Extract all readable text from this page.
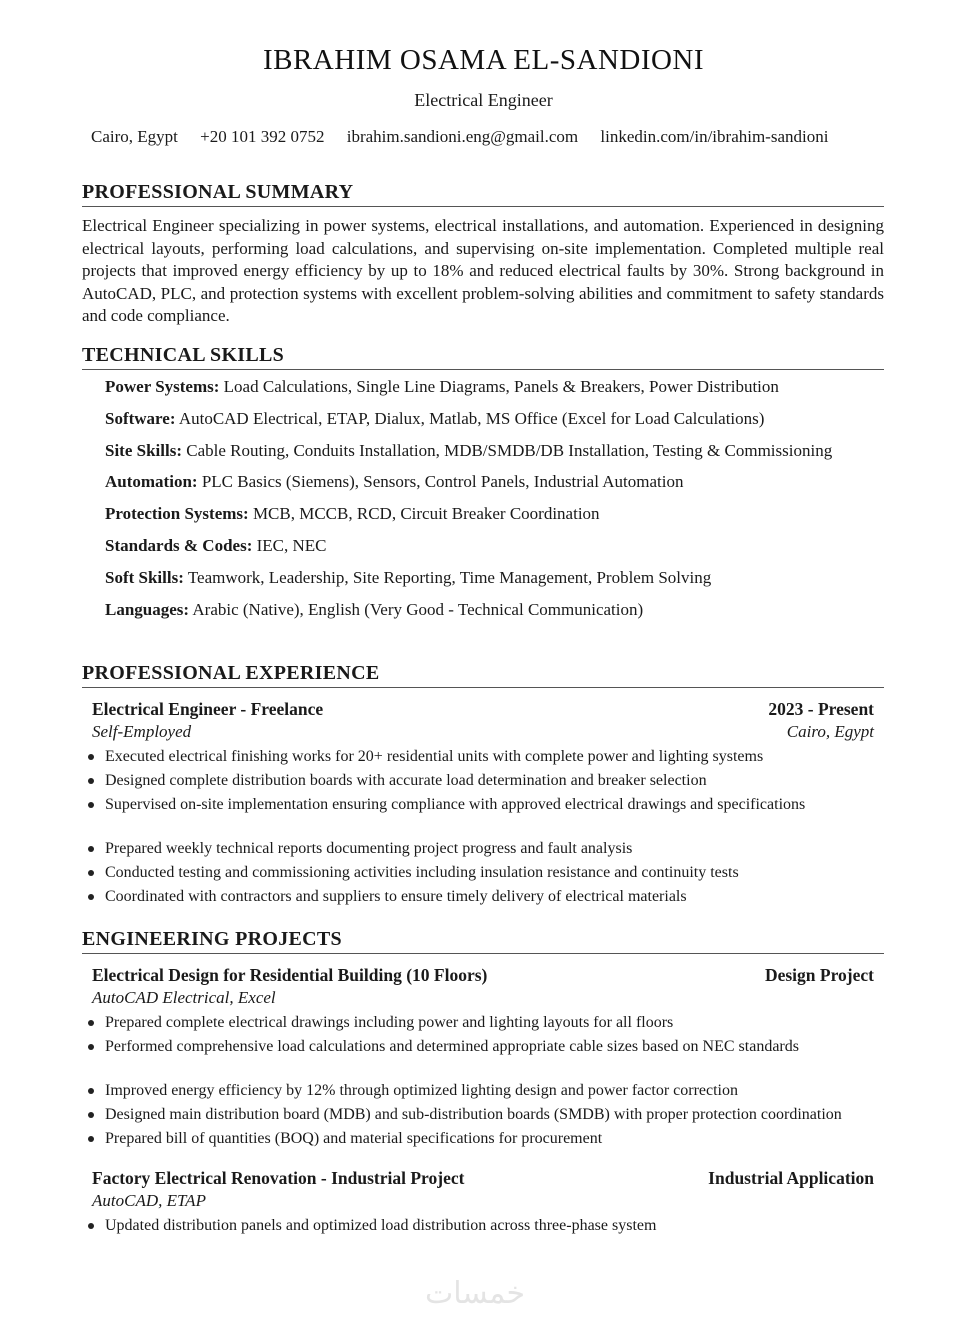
IBRAHIM OSAMA EL-SANDIONI
Electrical Engineer
Cairo, Egypt +20 101 392 0752 ibrahim.sandioni.eng@gmail.com linkedin.com/in/ibrahim-sandioni
PROFESSIONAL SUMMARY
Electrical Engineer specializing in power systems, electrical installations, and automation. Experienced in designing electrical layouts, performing load calculations, and supervising on-site implementation. Completed multiple real projects that improved energy efficiency by up to 18% and reduced electrical faults by 30%. Strong background in AutoCAD, PLC, and protection systems with excellent problem-solving abilities and commitment to safety standards and code compliance.
TECHNICAL SKILLS
Power Systems: Load Calculations, Single Line Diagrams, Panels & Breakers, Power Distribution
Software: AutoCAD Electrical, ETAP, Dialux, Matlab, MS Office (Excel for Load Calculations)
Site Skills: Cable Routing, Conduits Installation, MDB/SMDB/DB Installation, Testing & Commissioning
Automation: PLC Basics (Siemens), Sensors, Control Panels, Industrial Automation
Protection Systems: MCB, MCCB, RCD, Circuit Breaker Coordination
Standards & Codes: IEC, NEC
Soft Skills: Teamwork, Leadership, Site Reporting, Time Management, Problem Solving
Languages: Arabic (Native), English (Very Good - Technical Communication)
PROFESSIONAL EXPERIENCE
Electrical Engineer - Freelance	2023 - Present
Self-Employed	Cairo, Egypt
Executed electrical finishing works for 20+ residential units with complete power and lighting systems
Designed complete distribution boards with accurate load determination and breaker selection
Supervised on-site implementation ensuring compliance with approved electrical drawings and specifications
Prepared weekly technical reports documenting project progress and fault analysis
Conducted testing and commissioning activities including insulation resistance and continuity tests
Coordinated with contractors and suppliers to ensure timely delivery of electrical materials
ENGINEERING PROJECTS
Electrical Design for Residential Building (10 Floors)	Design Project
AutoCAD Electrical, Excel
Prepared complete electrical drawings including power and lighting layouts for all floors
Performed comprehensive load calculations and determined appropriate cable sizes based on NEC standards
Improved energy efficiency by 12% through optimized lighting design and power factor correction
Designed main distribution board (MDB) and sub-distribution boards (SMDB) with proper protection coordination
Prepared bill of quantities (BOQ) and material specifications for procurement
Factory Electrical Renovation - Industrial Project	Industrial Application
AutoCAD, ETAP
Updated distribution panels and optimized load distribution across three-phase system
خمسات
